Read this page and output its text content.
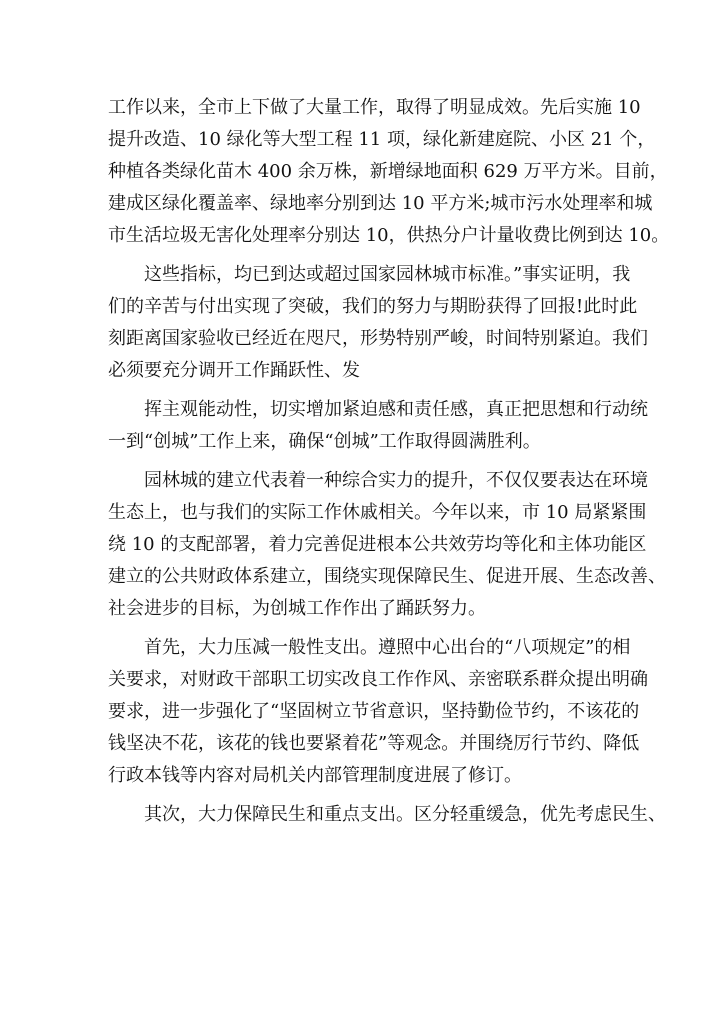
工作以来，全市上下做了大量工作，取得了明显成效。先后实施 10
提升改造、10 绿化等大型工程 11 项，绿化新建庭院、小区 21 个，
种植各类绿化苗木 400 余万株，新增绿地面积 629 万平方米。目前，
建成区绿化覆盖率、绿地率分别到达 10 平方米;城市污水处理率和城
市生活垃圾无害化处理率分别达 10，供热分户计量收费比例到达 10。
这些指标，均已到达或超过国家园林城市标准。”事实证明，我
们的辛苦与付出实现了突破，我们的努力与期盼获得了回报!此时此
刻距离国家验收已经近在咫尺，形势特别严峻，时间特别紧迫。我们
必须要充分调开工作踊跃性、发
挥主观能动性，切实增加紧迫感和责任感，真正把思想和行动统
一到“创城”工作上来，确保“创城”工作取得圆满胜利。
园林城的建立代表着一种综合实力的提升，不仅仅要表达在环境
生态上，也与我们的实际工作休戚相关。今年以来，市 10 局紧紧围
绕 10 的支配部署，着力完善促进根本公共效劳均等化和主体功能区
建立的公共财政体系建立，围绕实现保障民生、促进开展、生态改善、
社会进步的目标，为创城工作作出了踊跃努力。
首先，大力压减一般性支出。遵照中心出台的“八项规定”的相
关要求，对财政干部职工切实改良工作作风、亲密联系群众提出明确
要求，进一步强化了“坚固树立节省意识，坚持勤俭节约，不该花的
钱坚决不花，该花的钱也要紧着花”等观念。并围绕厉行节约、降低
行政本钱等内容对局机关内部管理制度进展了修订。
其次，大力保障民生和重点支出。区分轻重缓急，优先考虑民生、
